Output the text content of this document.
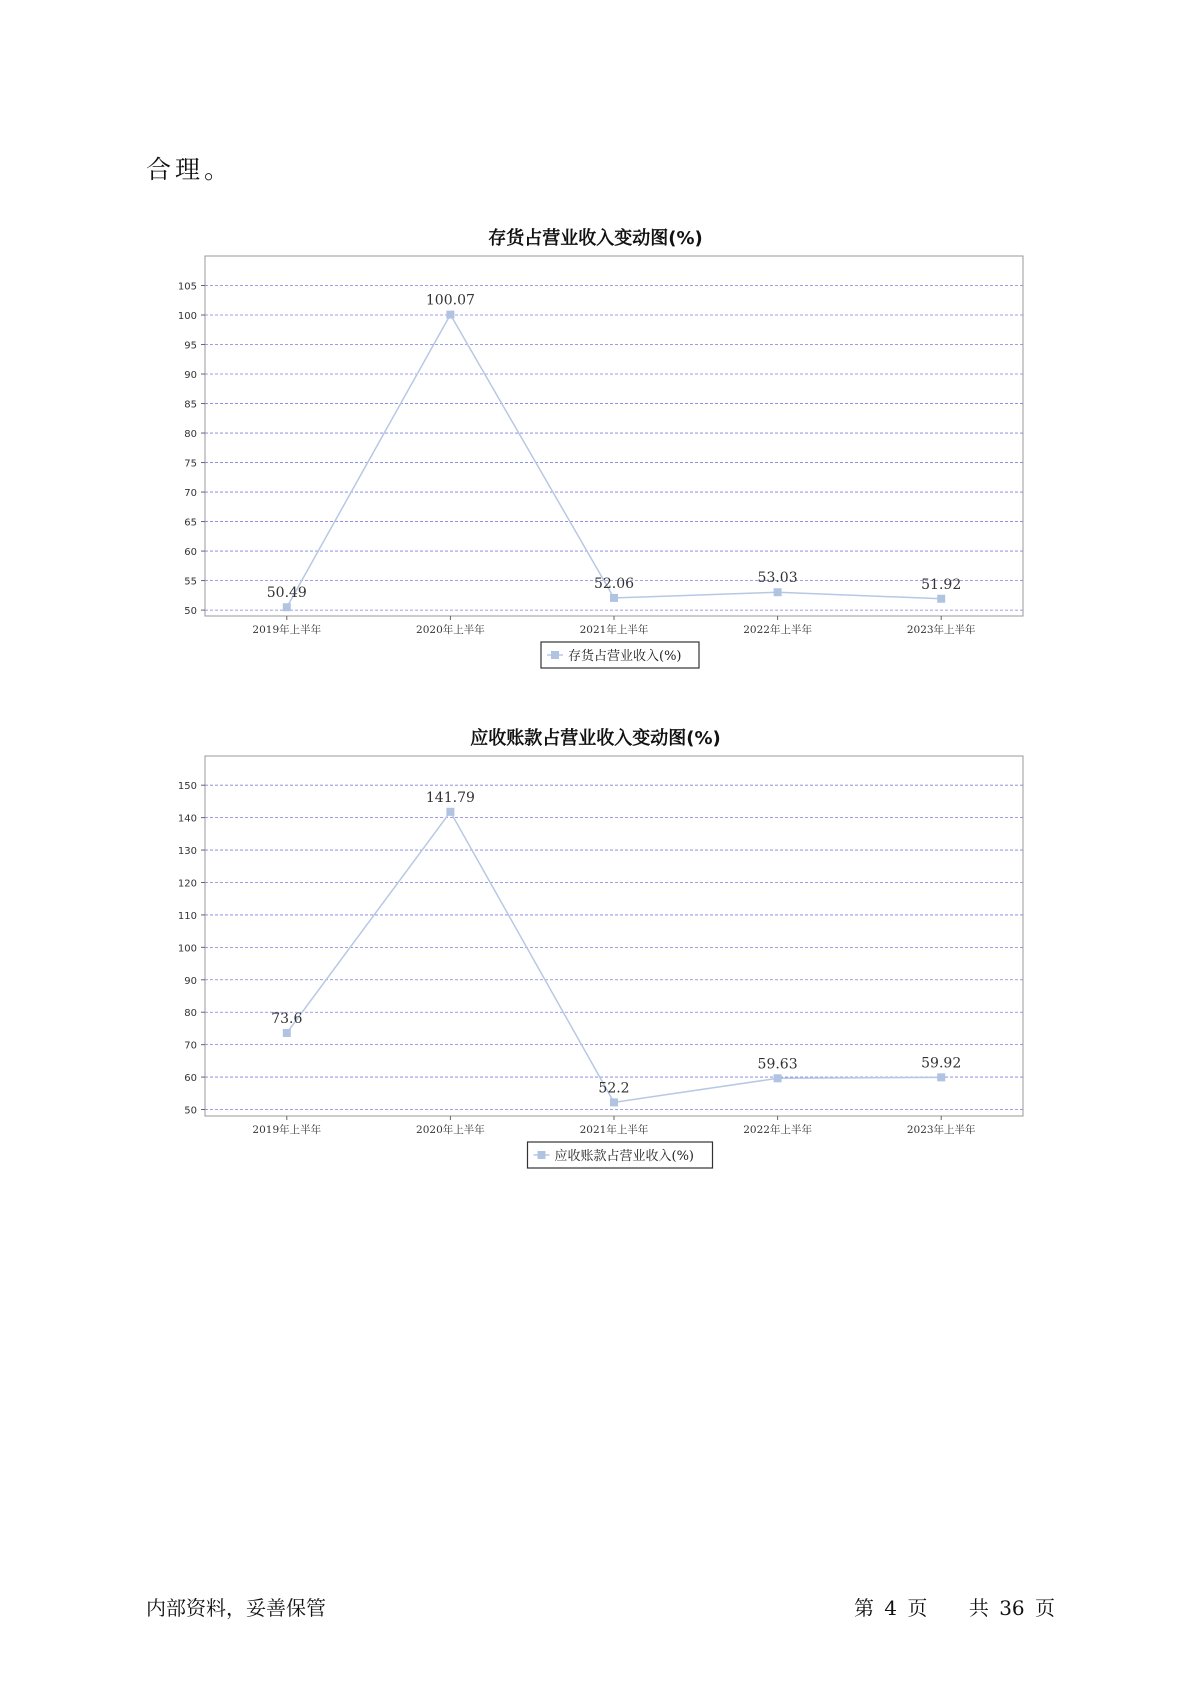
合理。
存货占营业收入变动图(%)
50
55
60
65
70
75
80
85
90
95
100
105
2019年上半年	2020年上半年	2021年上半年	2022年上半年	2023年上半年
50.49
100.07
52.06	53.03	51.92
存货占营业收入(%)
应收账款占营业收入变动图(%)
50
60
70
80
90
100
110
120
130
140
150
2019年上半年	2020年上半年	2021年上半年	2022年上半年	2023年上半年
73.6
141.79
52.2
59.63	59.92
应收账款占营业收入(%)
内部资料，妥善保管	第 4 页 共 36 页
